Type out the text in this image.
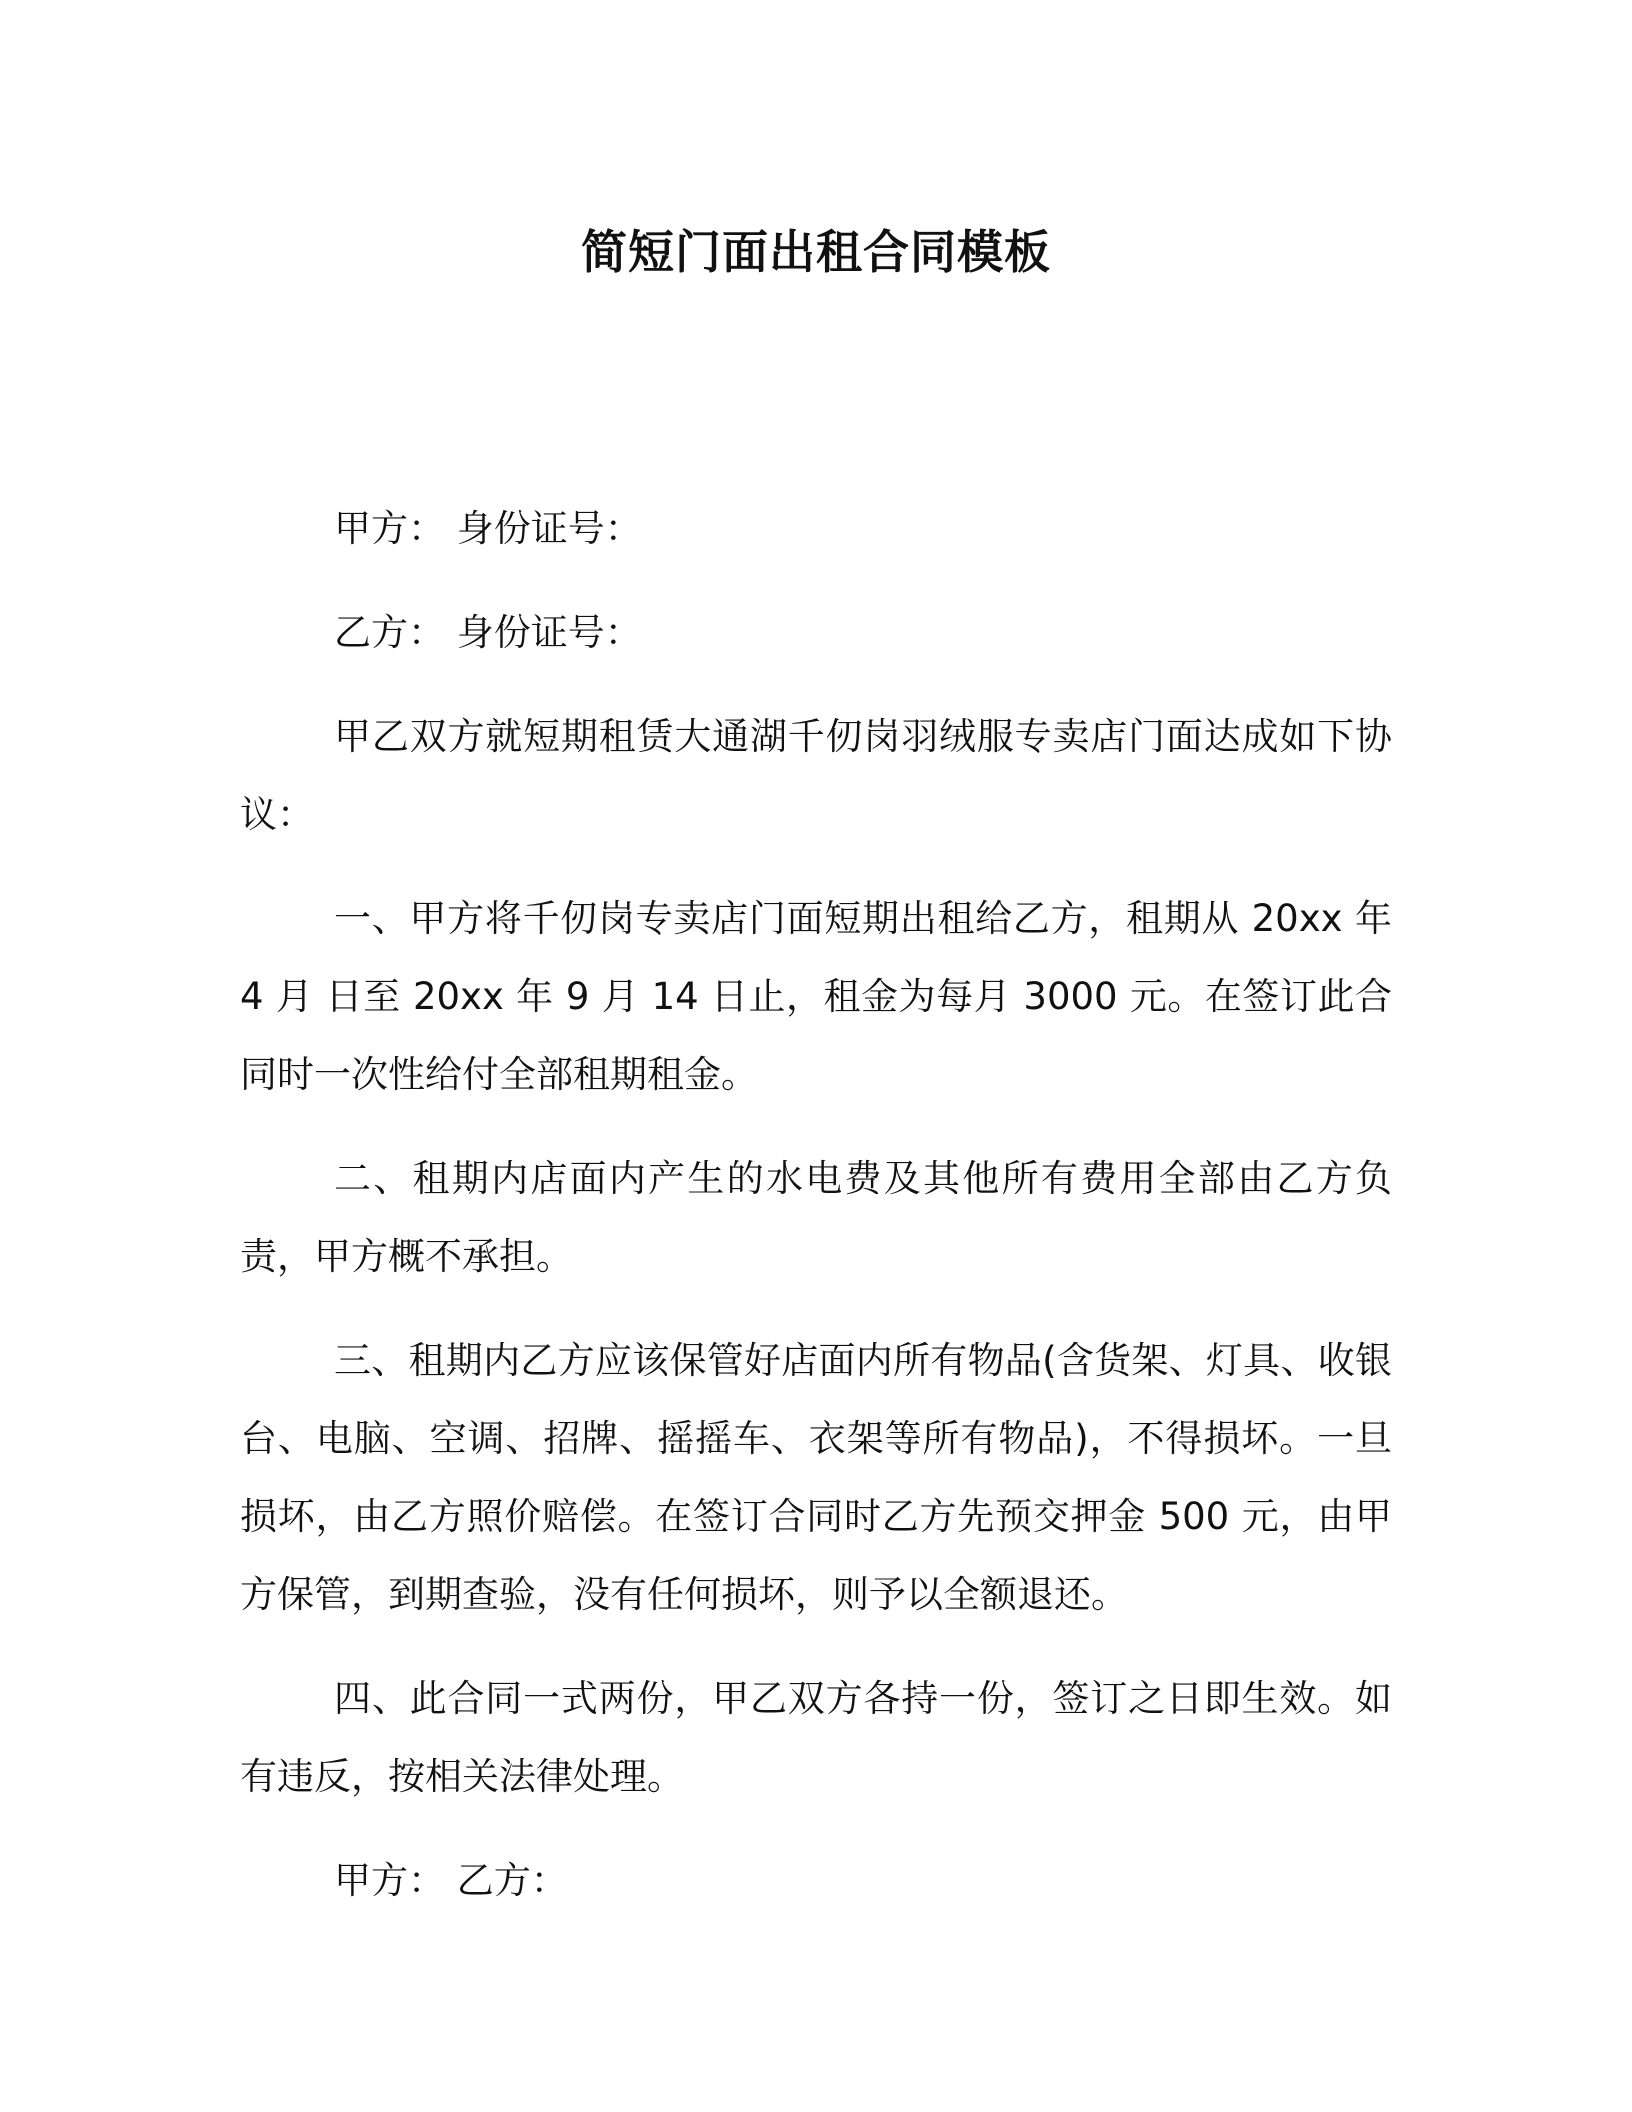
简短门面出租合同模板

甲方： 身份证号：

乙方： 身份证号：

甲乙双方就短期租赁大通湖千仞岗羽绒服专卖店门面达成如下协议：

一、甲方将千仞岗专卖店门面短期出租给乙方，租期从 20xx 年 4 月 日至 20xx 年 9 月 14 日止，租金为每月 3000 元。在签订此合同时一次性给付全部租期租金。

二、租期内店面内产生的水电费及其他所有费用全部由乙方负责，甲方概不承担。

三、租期内乙方应该保管好店面内所有物品(含货架、灯具、收银台、电脑、空调、招牌、摇摇车、衣架等所有物品)，不得损坏。一旦损坏，由乙方照价赔偿。在签订合同时乙方先预交押金 500 元，由甲方保管，到期查验，没有任何损坏，则予以全额退还。

四、此合同一式两份，甲乙双方各持一份，签订之日即生效。如有违反，按相关法律处理。

甲方： 乙方：
